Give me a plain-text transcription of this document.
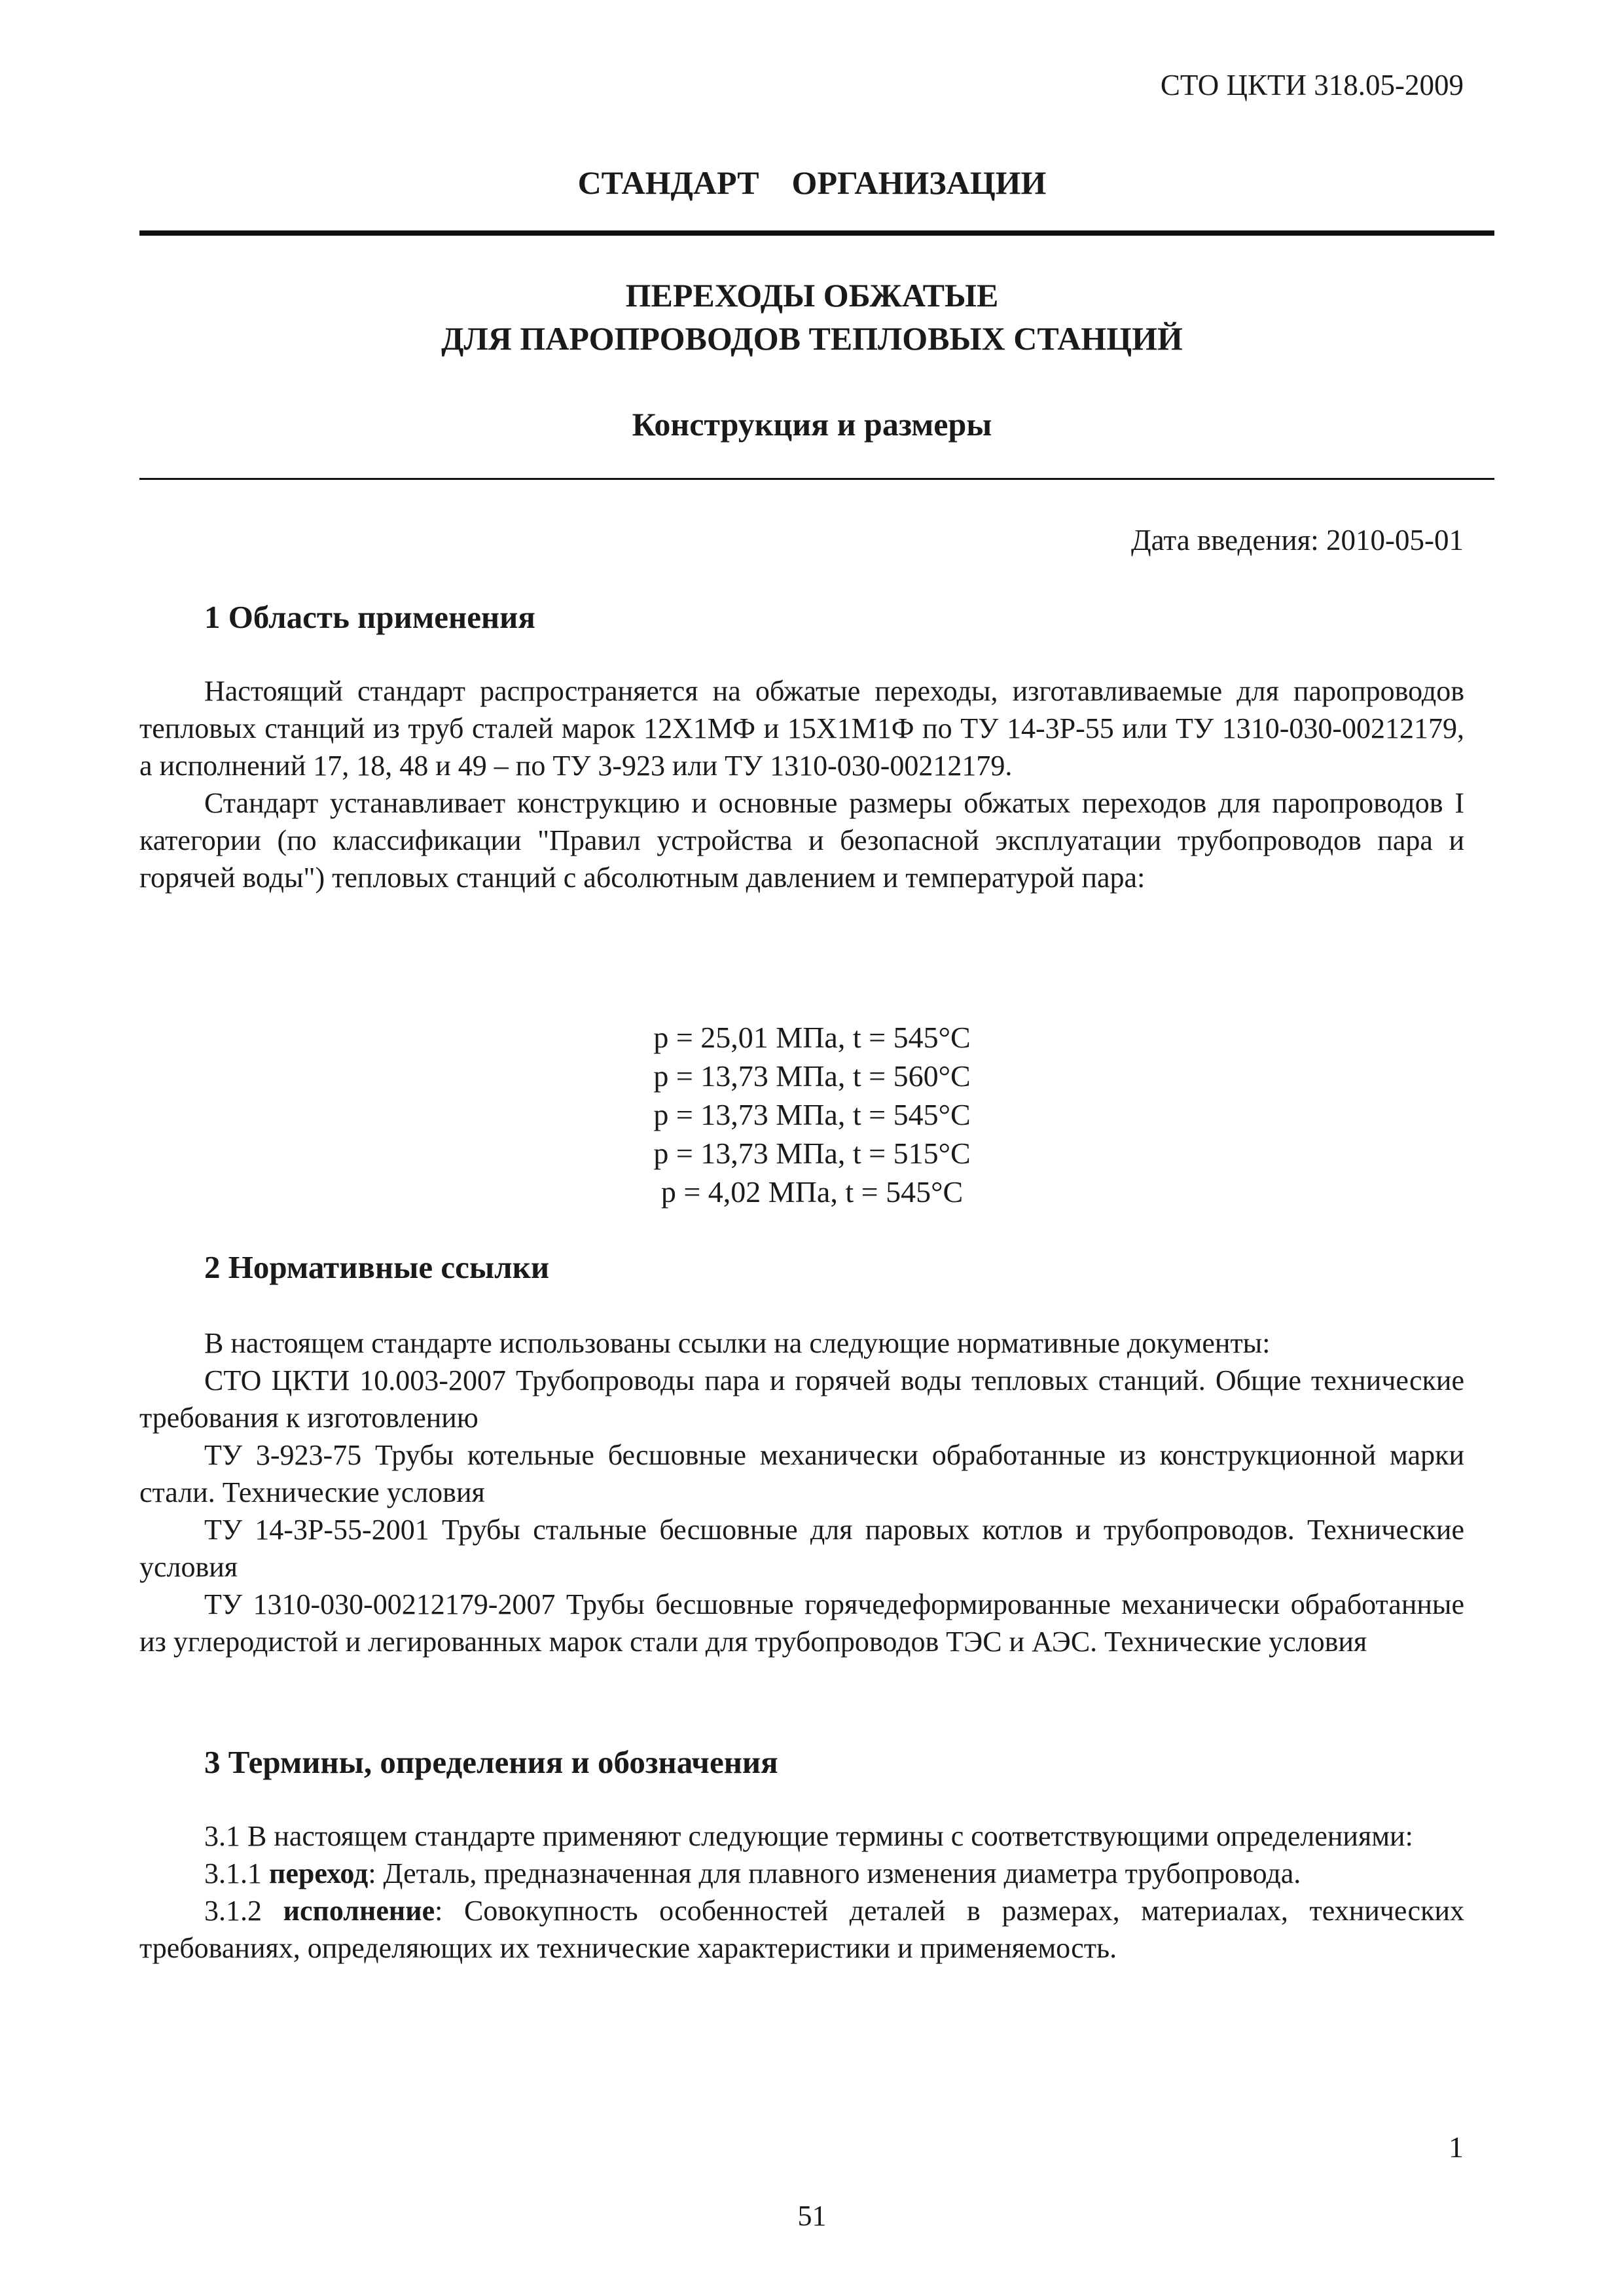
СТО ЦКТИ 318.05-2009
СТАНДАРТ ОРГАНИЗАЦИИ
ПЕРЕХОДЫ ОБЖАТЫЕ
ДЛЯ ПАРОПРОВОДОВ ТЕПЛОВЫХ СТАНЦИЙ
Конструкция и размеры
Дата введения: 2010-05-01
1 Область применения

Настоящий стандарт распространяется на обжатые переходы, изготавливаемые для паропроводов тепловых станций из труб сталей марок 12Х1МФ и 15Х1М1Ф по ТУ 14-3Р-55 или ТУ 1310-030-00212179, а исполнений 17, 18, 48 и 49 – по ТУ 3-923 или ТУ 1310-030-00212179.

Стандарт устанавливает конструкцию и основные размеры обжатых переходов для паропроводов I категории (по классификации "Правил устройства и безопасной эксплуатации трубопроводов пара и горячей воды") тепловых станций с абсолютным давлением и температурой пара:

р = 25,01 МПа, t = 545°С
р = 13,73 МПа, t = 560°С
р = 13,73 МПа, t = 545°С
р = 13,73 МПа, t = 515°С
р = 4,02 МПа, t = 545°С
2 Нормативные ссылки

В настоящем стандарте использованы ссылки на следующие нормативные документы:

СТО ЦКТИ 10.003-2007 Трубопроводы пара и горячей воды тепловых станций. Общие технические требования к изготовлению

ТУ 3-923-75 Трубы котельные бесшовные механически обработанные из конструкционной марки стали. Технические условия

ТУ 14-3Р-55-2001 Трубы стальные бесшовные для паровых котлов и трубопроводов. Технические условия

ТУ 1310-030-00212179-2007 Трубы бесшовные горячедеформированные механически обработанные из углеродистой и легированных марок стали для трубопроводов ТЭС и АЭС. Технические условия

3 Термины, определения и обозначения

3.1 В настоящем стандарте применяют следующие термины с соответствующими определениями:

3.1.1 переход: Деталь, предназначенная для плавного изменения диаметра трубопровода.

3.1.2 исполнение: Совокупность особенностей деталей в размерах, материалах, технических требованиях, определяющих их технические характеристики и применяемость.

1
51
